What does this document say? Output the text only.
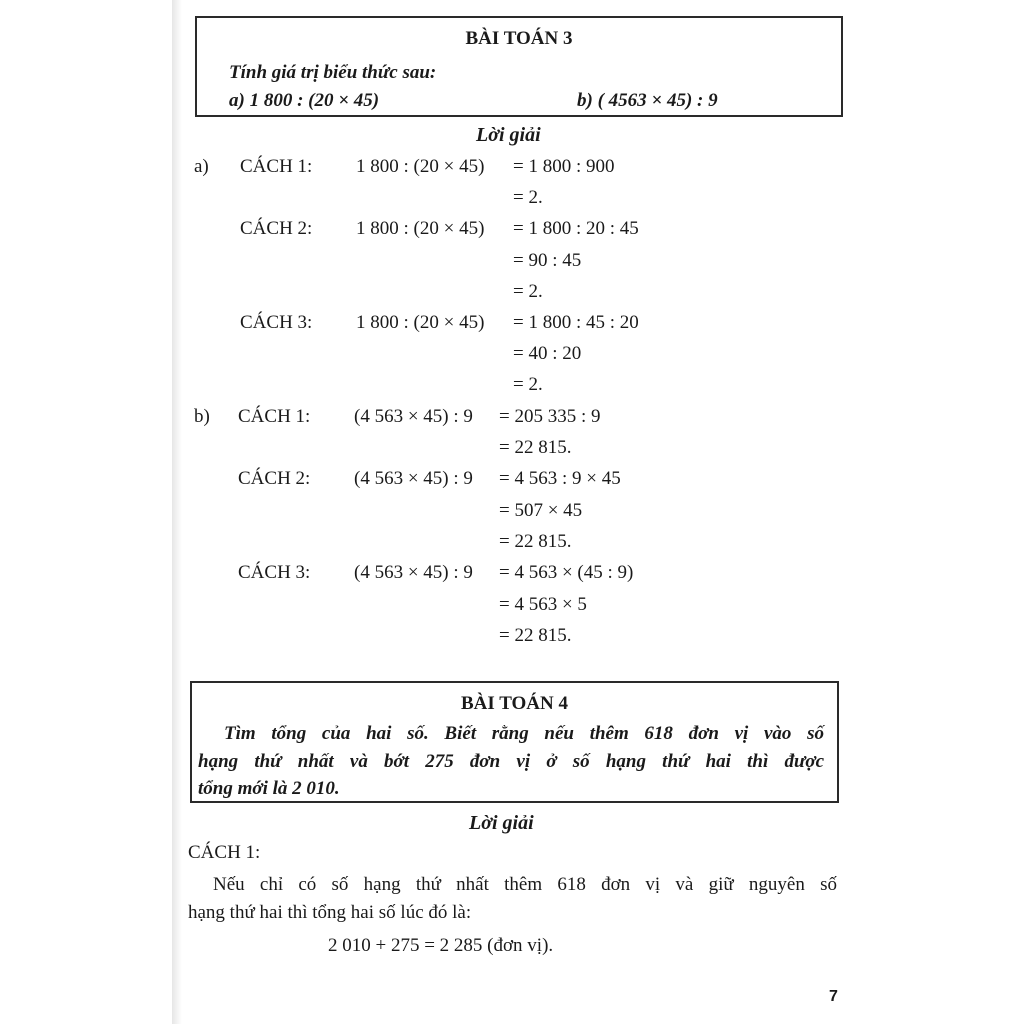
BÀI TOÁN 3
Tính giá trị biểu thức sau:
a) 1 800 : (20 × 45)	b) ( 4563 × 45) : 9
Lời giải
a) CÁCH 1: 1 800 : (20 × 45) = 1 800 : 900
= 2.
CÁCH 2: 1 800 : (20 × 45) = 1 800 : 20 : 45
= 90 : 45
= 2.
CÁCH 3: 1 800 : (20 × 45) = 1 800 : 45 : 20
= 40 : 20
= 2.
b) CÁCH 1: (4 563 × 45) : 9 = 205 335 : 9
= 22 815.
CÁCH 2: (4 563 × 45) : 9 = 4 563 : 9 × 45
= 507 × 45
= 22 815.
CÁCH 3: (4 563 × 45) : 9 = 4 563 × (45 : 9)
= 4 563 × 5
= 22 815.
BÀI TOÁN 4
Tìm tổng của hai số. Biết rằng nếu thêm 618 đơn vị vào số
hạng thứ nhất và bớt 275 đơn vị ở số hạng thứ hai thì được
tổng mới là 2 010.
Lời giải
CÁCH 1:
Nếu chỉ có số hạng thứ nhất thêm 618 đơn vị và giữ nguyên số
hạng thứ hai thì tổng hai số lúc đó là:
2 010 + 275 = 2 285 (đơn vị).
7
